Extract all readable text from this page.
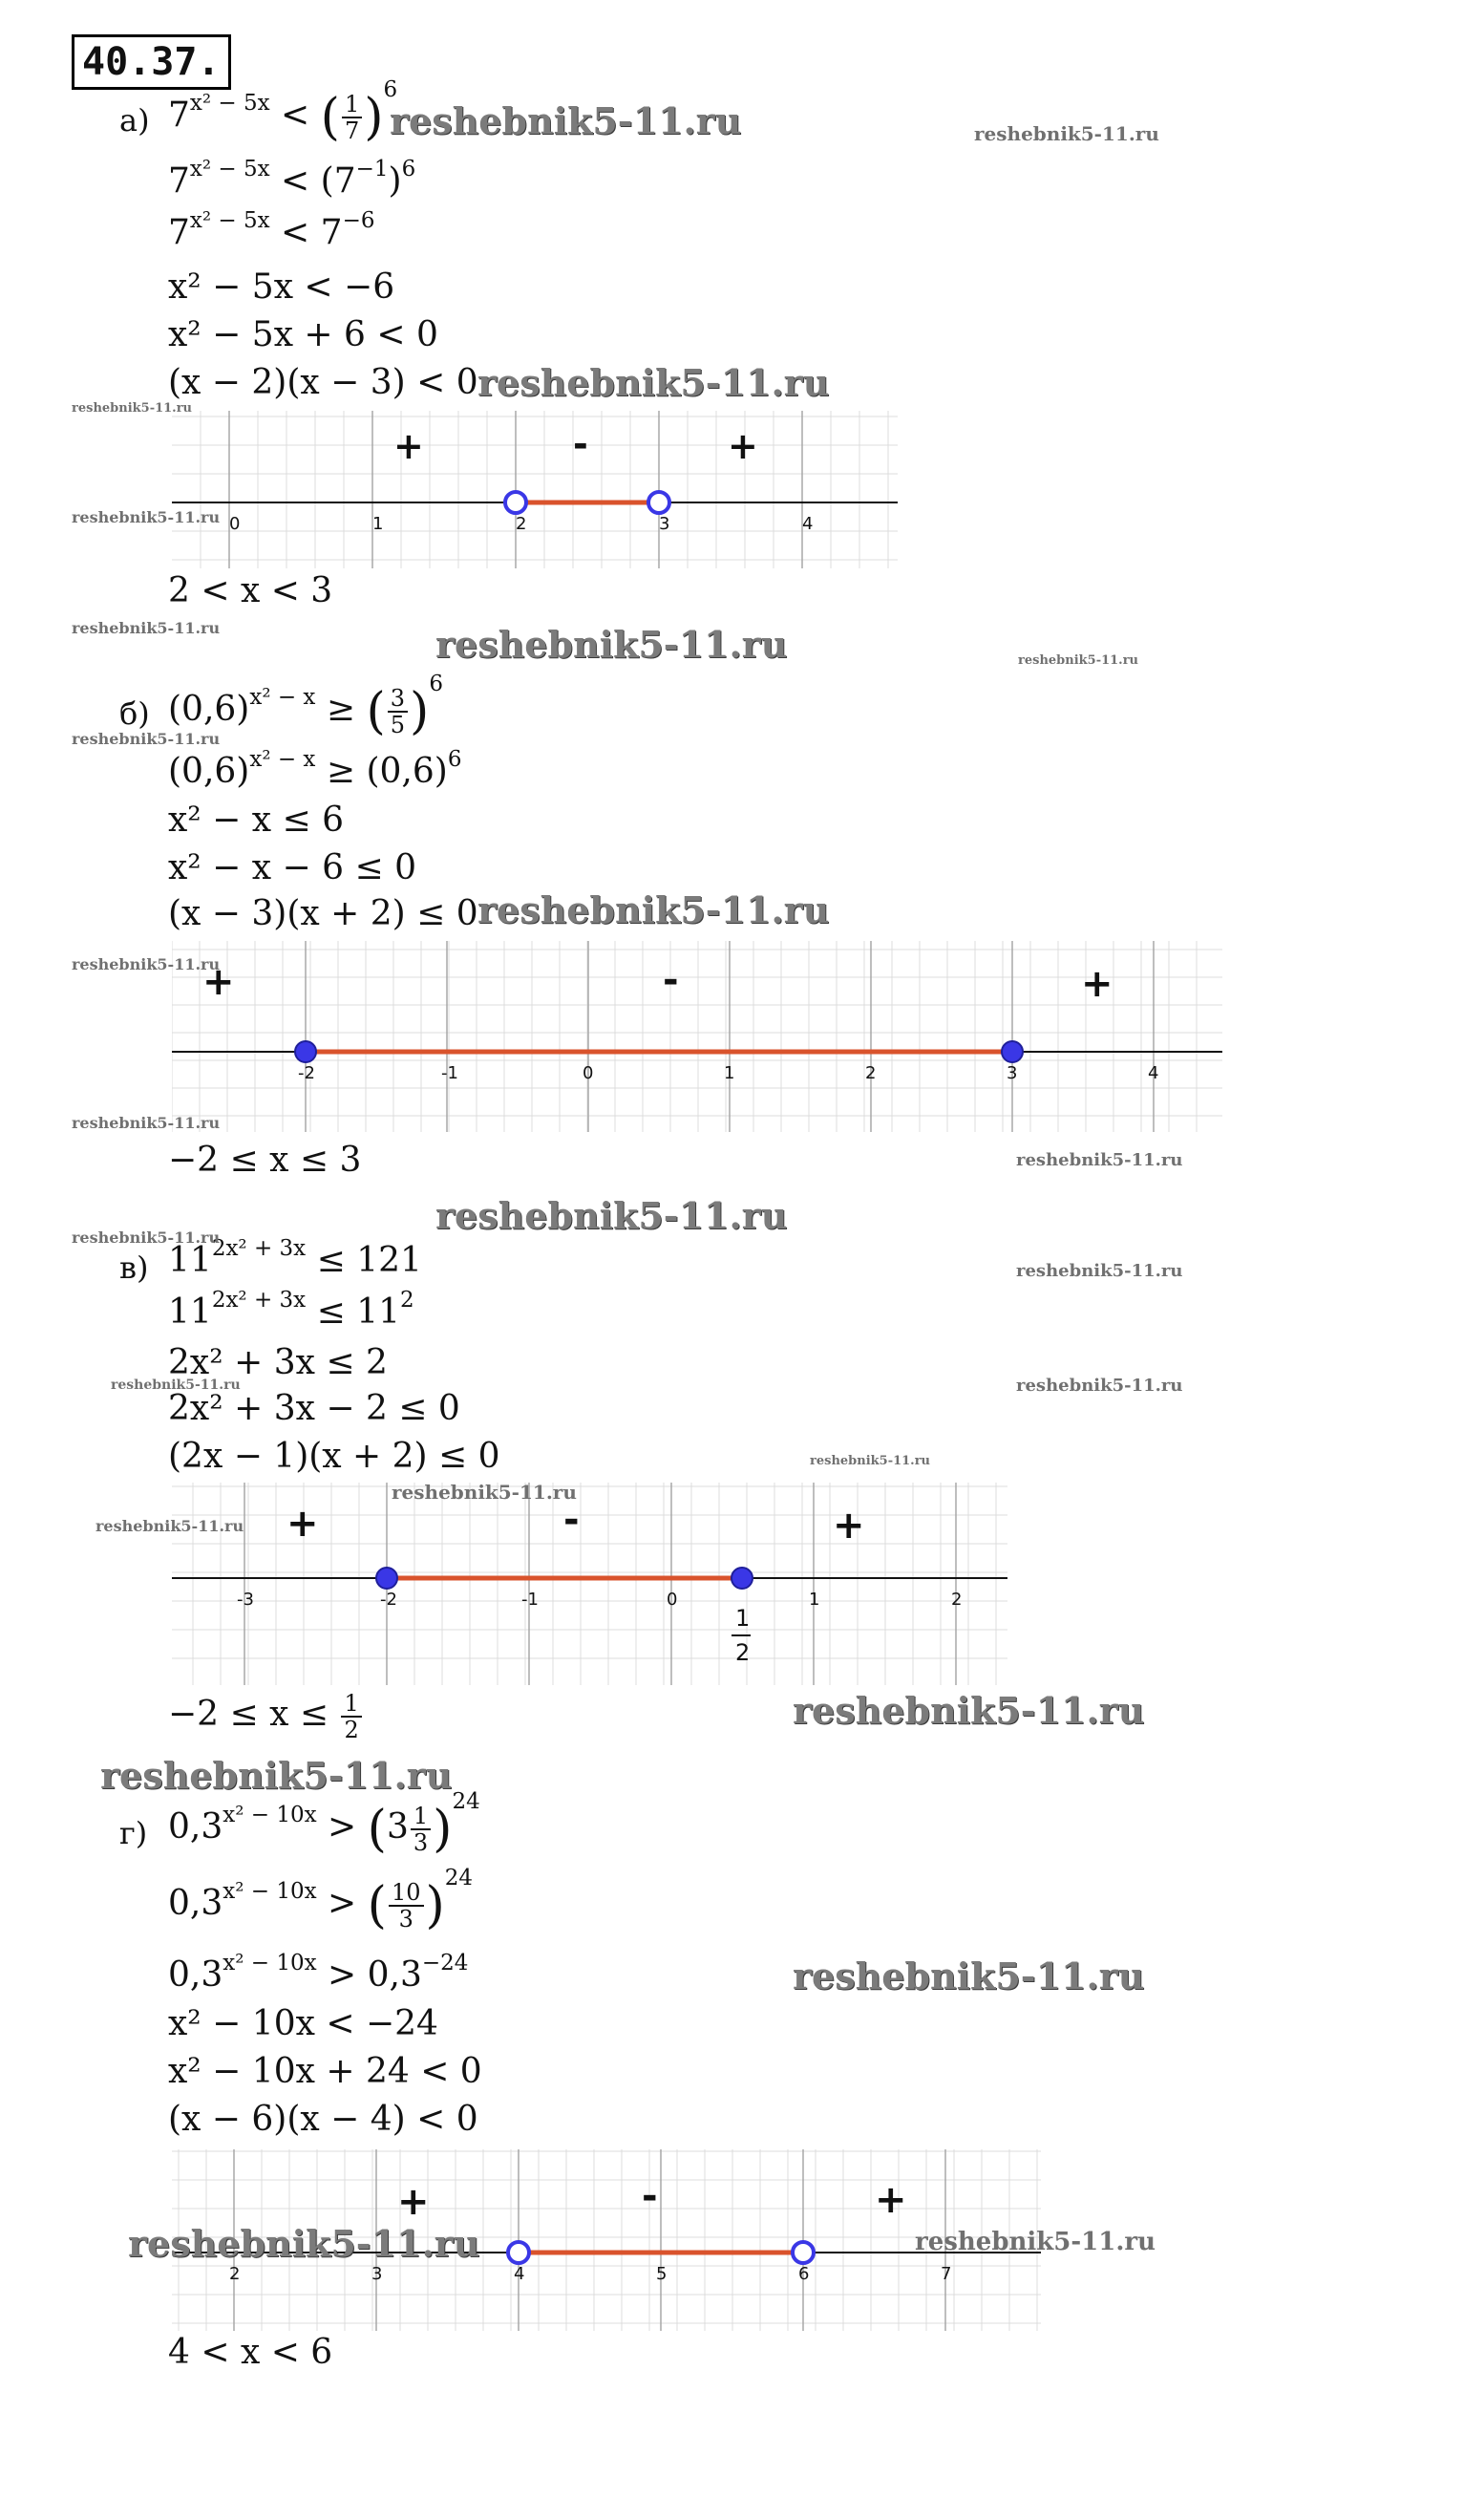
40.37.
а) $7^{x^2 - 5x}$ < ( $\frac{1}{7} )^6$
$7^{x^2 - 5x} < (7^{-1})^6$
$7^{x^2 - 5x} < 7^{-6}$
x² − 5x < −6
x² − 5x + 6 < 0
(x − 2)(x − 3) < 0
0	1	2	3	4
+	-	+
2 < x < 3
б) $(0,6)^{x^2 - x}$ ≥ ( $\frac{3}{5} )^6$
$(0,6)^{x^2 - x} \ge (0,6)^6$
x² − x ≤ 6
x² − x − 6 ≤ 0
(x − 3)(x + 2) ≤ 0
-2	-1	0	1	2	3	4
+	-	+
−2 ≤ x ≤ 3
в) $11^{2x^2 + 3x} \le 121$
$11^{2x^2 + 3x} \le 11^2$
2x² + 3x ≤ 2
2x² + 3x − 2 ≤ 0
(2x − 1)(x + 2) ≤ 0
-3	-2	-1	0	1	2
1
2
+	-	+
$-2 \le x \le \frac{1}{2}$
г) $0,3^{x^2 - 10x} > (3 \frac{1}{3} )^{24}$
$0,3^{x^2 - 10x}$ > ( $\frac{10}{3} )^{24}$
$0,3^{x^2 - 10x} > 0,3^{-24}$
x² − 10x < −24
x² − 10x + 24 < 0
(x − 6)(x − 4) < 0
2	3	4	5	6	7
+	-	+
4 < x < 6
reshebnik5-11.ru	reshebnik5-11.ru
reshebnik5-11.ru
reshebnik5-11.ru
reshebnik5-11.ru
reshebnik5-11.ru	reshebnik5-11.ru	reshebnik5-11.ru
reshebnik5-11.ru
reshebnik5-11.ru
reshebnik5-11.ru
reshebnik5-11.ru
reshebnik5-11.ru
reshebnik5-11.ru
reshebnik5-11.ru
reshebnik5-11.ru
reshebnik5-11.ru	reshebnik5-11.ru
reshebnik5-11.ru
reshebnik5-11.ru
reshebnik5-11.ru
reshebnik5-11.ru
reshebnik5-11.ru
reshebnik5-11.ru
reshebnik5-11.ru	reshebnik5-11.ru
